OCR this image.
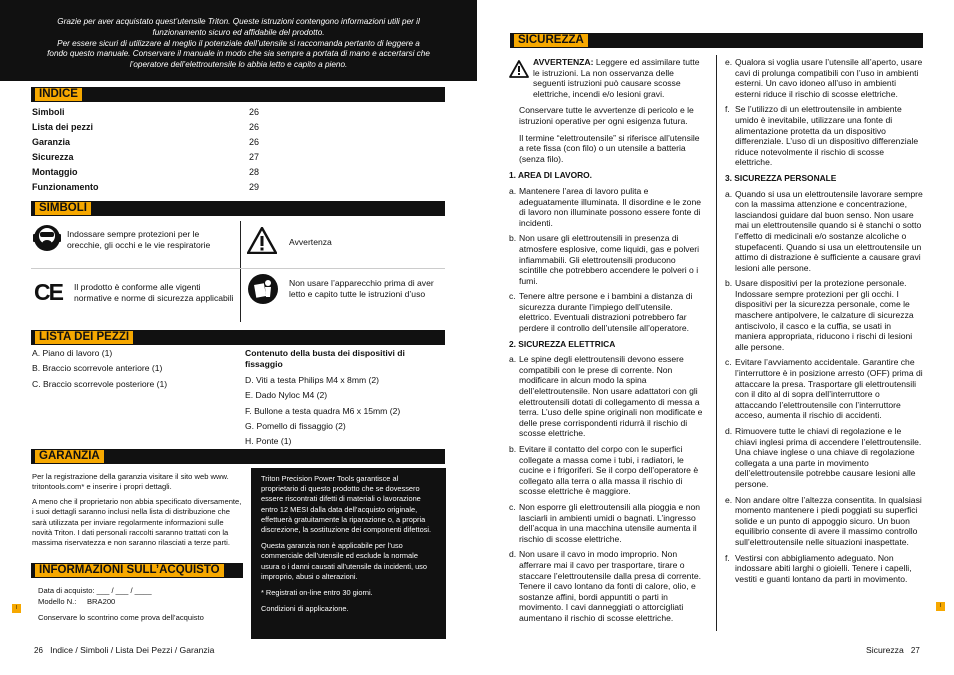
Grazie per aver acquistato quest’utensile Triton. Queste istruzioni contengono informazioni utili per il

funzionamento sicuro ed affidabile del prodotto.

Per essere sicuri di utilizzare al meglio il potenziale dell’utensile si raccomanda pertanto di leggere a

fondo questo manuale. Conservare il manuale in modo che sia sempre a portata di mano e accertarsi che

l’operatore dell’elettroutensile lo abbia letto e capito a pieno.

INDICE
Simboli	26
Lista dei pezzi	26
Garanzia	26
Sicurezza	27
Montaggio	28
Funzionamento	29
SIMBOLI
Indossare sempre protezioni per le orecchie, gli occhi e le vie respiratorie
CE Il prodotto è conforme alle vigenti normative e norme di sicurezza applicabili
Avvertenza
Non usare l’apparecchio prima di aver letto e capito tutte le istruzioni d’uso
LISTA DEI PEZZI
A. Piano di lavoro (1)
B. Braccio scorrevole anteriore (1)
C. Braccio scorrevole posteriore (1)
Contenuto della busta dei dispositivi di fissaggio
D. Viti a testa Philips M4 x 8mm (2)
E. Dado Nyloc M4 (2)
F. Bullone a testa quadra M6 x 15mm (2)
G. Pomello di fissaggio (2)
H. Ponte (1)
GARANZIA

Per la registrazione della garanzia visitare il sito web www. tritontools.com* e inserire i propri dettagli.

A meno che il proprietario non abbia specificato diversamente, i suoi dettagli saranno inclusi nella lista di distribuzione che sarà utilizzata per inviare regolarmente informazioni sulle novità Triton. I dati personali raccolti saranno trattati con la massima riservatezza e non saranno rilasciati a terze parti.

Triton Precision Power Tools garantisce al proprietario di questo prodotto che se dovessero essere riscontrati difetti di materiali o lavorazione entro 12 MESI dalla data dell’acquisto originale, effettuerà gratuitamente la riparazione o, a propria discrezione, la sostituzione dei componenti difettosi.

Questa garanzia non è applicabile per l’uso commerciale dell’utensile ed esclude la normale usura o i danni causati all’utensile da incidenti, uso improprio, abusi o alterazioni.

* Registrati on-line entro 30 giorni.

Condizioni di applicazione.

INFORMAZIONI SULL’ACQUISTO
Data di acquisto: ___ / ___ / ____
Modello N.: BRA200
Conservare lo scontrino come prova dell’acquisto
26 Indice / Simboli / Lista Dei Pezzi / Garanzia
I
SICUREZZA
AVVERTENZA: Leggere ed assimilare tutte le istruzioni. La non osservanza delle seguenti istruzioni può causare scosse elettriche, incendi e/o lesioni gravi.

Conservare tutte le avvertenze di pericolo e le istruzioni operative per ogni esigenza futura.

Il termine “elettroutensile” si riferisce all’utensile a rete fissa (con filo) o un utensile a batteria (senza filo).

1. AREA DI LAVORO.
a. Mantenere l’area di lavoro pulita e adeguatamente illuminata. Il disordine e le zone di lavoro non illuminate possono essere fonte di incidenti.
b. Non usare gli elettroutensili in presenza di atmosfere esplosive, come liquidi, gas e polveri infiammabili. Gli elettroutensili producono scintille che potrebbero accendere le polveri o i fumi.
c. Tenere altre persone e i bambini a distanza di sicurezza durante l’impiego dell’utensile. elettrico. Eventuali distrazioni potrebbero far perdere il controllo dell’utensile all’operatore.
2. SICUREZZA ELETTRICA
a. Le spine degli elettroutensili devono essere compatibili con le prese di corrente. Non modificare in alcun modo la spina dell’elettroutensile. Non usare adattatori con gli elettroutensili dotati di collegamento di messa a terra. L’uso delle spine originali non modificate e delle prese corrispondenti ridurrà il rischio di scosse elettriche.
b. Evitare il contatto del corpo con le superfici collegate a massa come i tubi, i radiatori, le cucine e i frigoriferi. Se il corpo dell’operatore è collegato alla terra o alla massa il rischio di scosse elettriche è maggiore.
c. Non esporre gli elettroutensili alla pioggia e non lasciarli in ambienti umidi o bagnati. L’ingresso dell’acqua in una macchina utensile aumenta il rischio di scosse elettriche.
d. Non usare il cavo in modo improprio. Non afferrare mai il cavo per trasportare, tirare o staccare l’elettroutensile dalla presa di corrente. Tenere il cavo lontano da fonti di calore, olio, e sostanze affini, bordi appuntiti o parti in movimento. I cavi danneggiati o attorcigliati aumentano il rischio di scosse elettriche.
e. Qualora si voglia usare l’utensile all’aperto, usare cavi di prolunga compatibili con l’uso in ambienti esterni. Un cavo idoneo all’uso in ambienti esterni riduce il rischio di scosse elettriche.
f. Se l’utilizzo di un elettroutensile in ambiente umido è inevitabile, utilizzare una fonte di alimentazione protetta da un dispositivo differenziale. L’uso di un dispositivo differenziale riduce notevolmente il rischio di scosse elettriche.
3. SICUREZZA PERSONALE
a. Quando si usa un elettroutensile lavorare sempre con la massima attenzione e concentrazione, lasciandosi guidare dal buon senso. Non usare mai un elettroutensile quando si è stanchi o sotto l’effetto di medicinali e/o sostanze alcoliche o stupefacenti. Quando si usa un elettroutensile un attimo di distrazione è sufficiente a causare gravi lesioni alle persone.
b. Usare dispositivi per la protezione personale. Indossare sempre protezioni per gli occhi. I dispositivi per la sicurezza personale, come le maschere antipolvere, le calzature di sicurezza antiscivolo, il casco e la cuffia, se usati in maniera appropriata, riducono i rischi di lesioni alle persone.
c. Evitare l’avviamento accidentale. Garantire che l’interruttore è in posizione arresto (OFF) prima di attaccare la presa. Trasportare gli elettroutensili con il dito al di sopra dell’interruttore o attaccando l’elettroutensile con l’interruttore acceso, aumenta il rischio di accidenti.
d. Rimuovere tutte le chiavi di regolazione e le chiavi inglesi prima di accendere l’elettroutensile. Una chiave inglese o una chiave di regolazione collegata a una parte in movimento dell’elettroutensile potrebbe causare lesioni alle persone.
e. Non andare oltre l’altezza consentita. In qualsiasi momento mantenere i piedi poggiati su superfici solide e un punto di appoggio sicuro. Un buon equilibrio consente di avere il massimo controllo sull’elettroutensile nelle situazioni inaspettate.
f. Vestirsi con abbigliamento adeguato. Non indossare abiti larghi o gioielli. Tenere i capelli, vestiti e guanti lontano da parti in movimento.
Sicurezza 27
I
